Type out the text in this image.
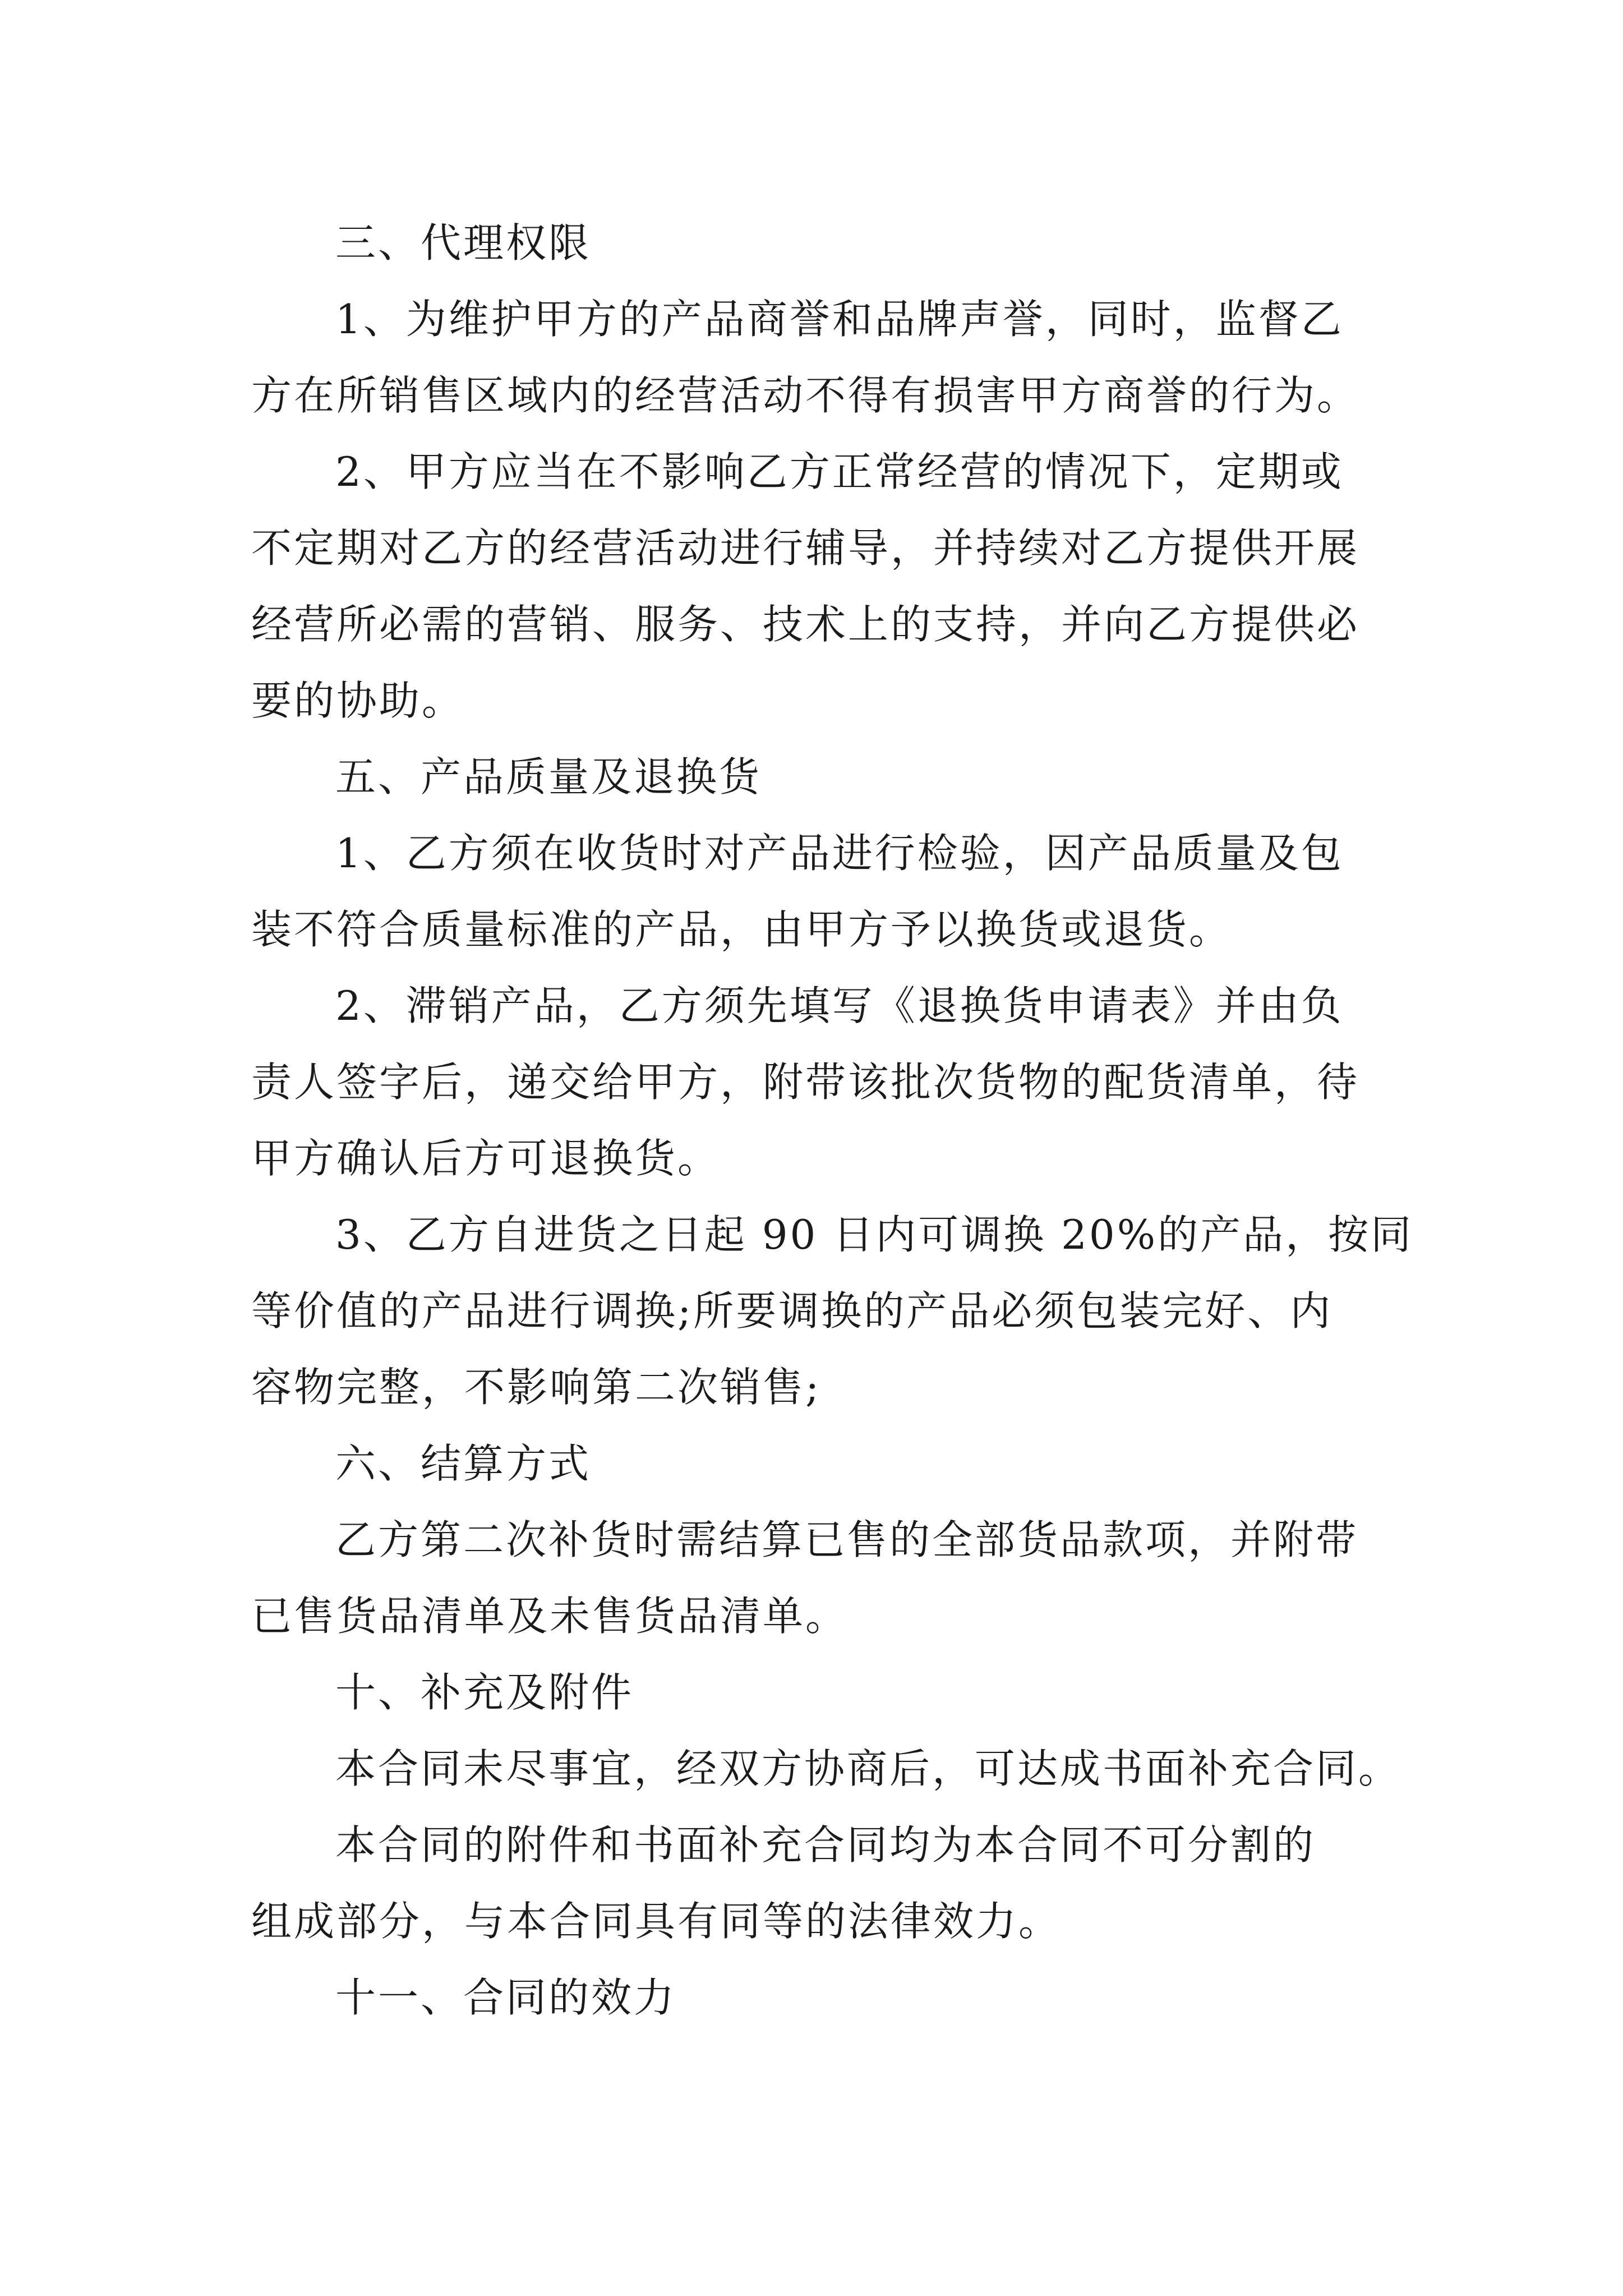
三、代理权限

1、为维护甲方的产品商誉和品牌声誉，同时，监督乙

方在所销售区域内的经营活动不得有损害甲方商誉的行为。

2、甲方应当在不影响乙方正常经营的情况下，定期或

不定期对乙方的经营活动进行辅导，并持续对乙方提供开展

经营所必需的营销、服务、技术上的支持，并向乙方提供必

要的协助。

五、产品质量及退换货

1、乙方须在收货时对产品进行检验，因产品质量及包

装不符合质量标准的产品，由甲方予以换货或退货。

2、滞销产品，乙方须先填写《退换货申请表》并由负

责人签字后，递交给甲方，附带该批次货物的配货清单，待

甲方确认后方可退换货。

3、乙方自进货之日起 90 日内可调换 20%的产品，按同

等价值的产品进行调换;所要调换的产品必须包装完好、内

容物完整，不影响第二次销售;

六、结算方式

乙方第二次补货时需结算已售的全部货品款项，并附带

已售货品清单及未售货品清单。

十、补充及附件

本合同未尽事宜，经双方协商后，可达成书面补充合同。

本合同的附件和书面补充合同均为本合同不可分割的

组成部分，与本合同具有同等的法律效力。

十一、合同的效力
